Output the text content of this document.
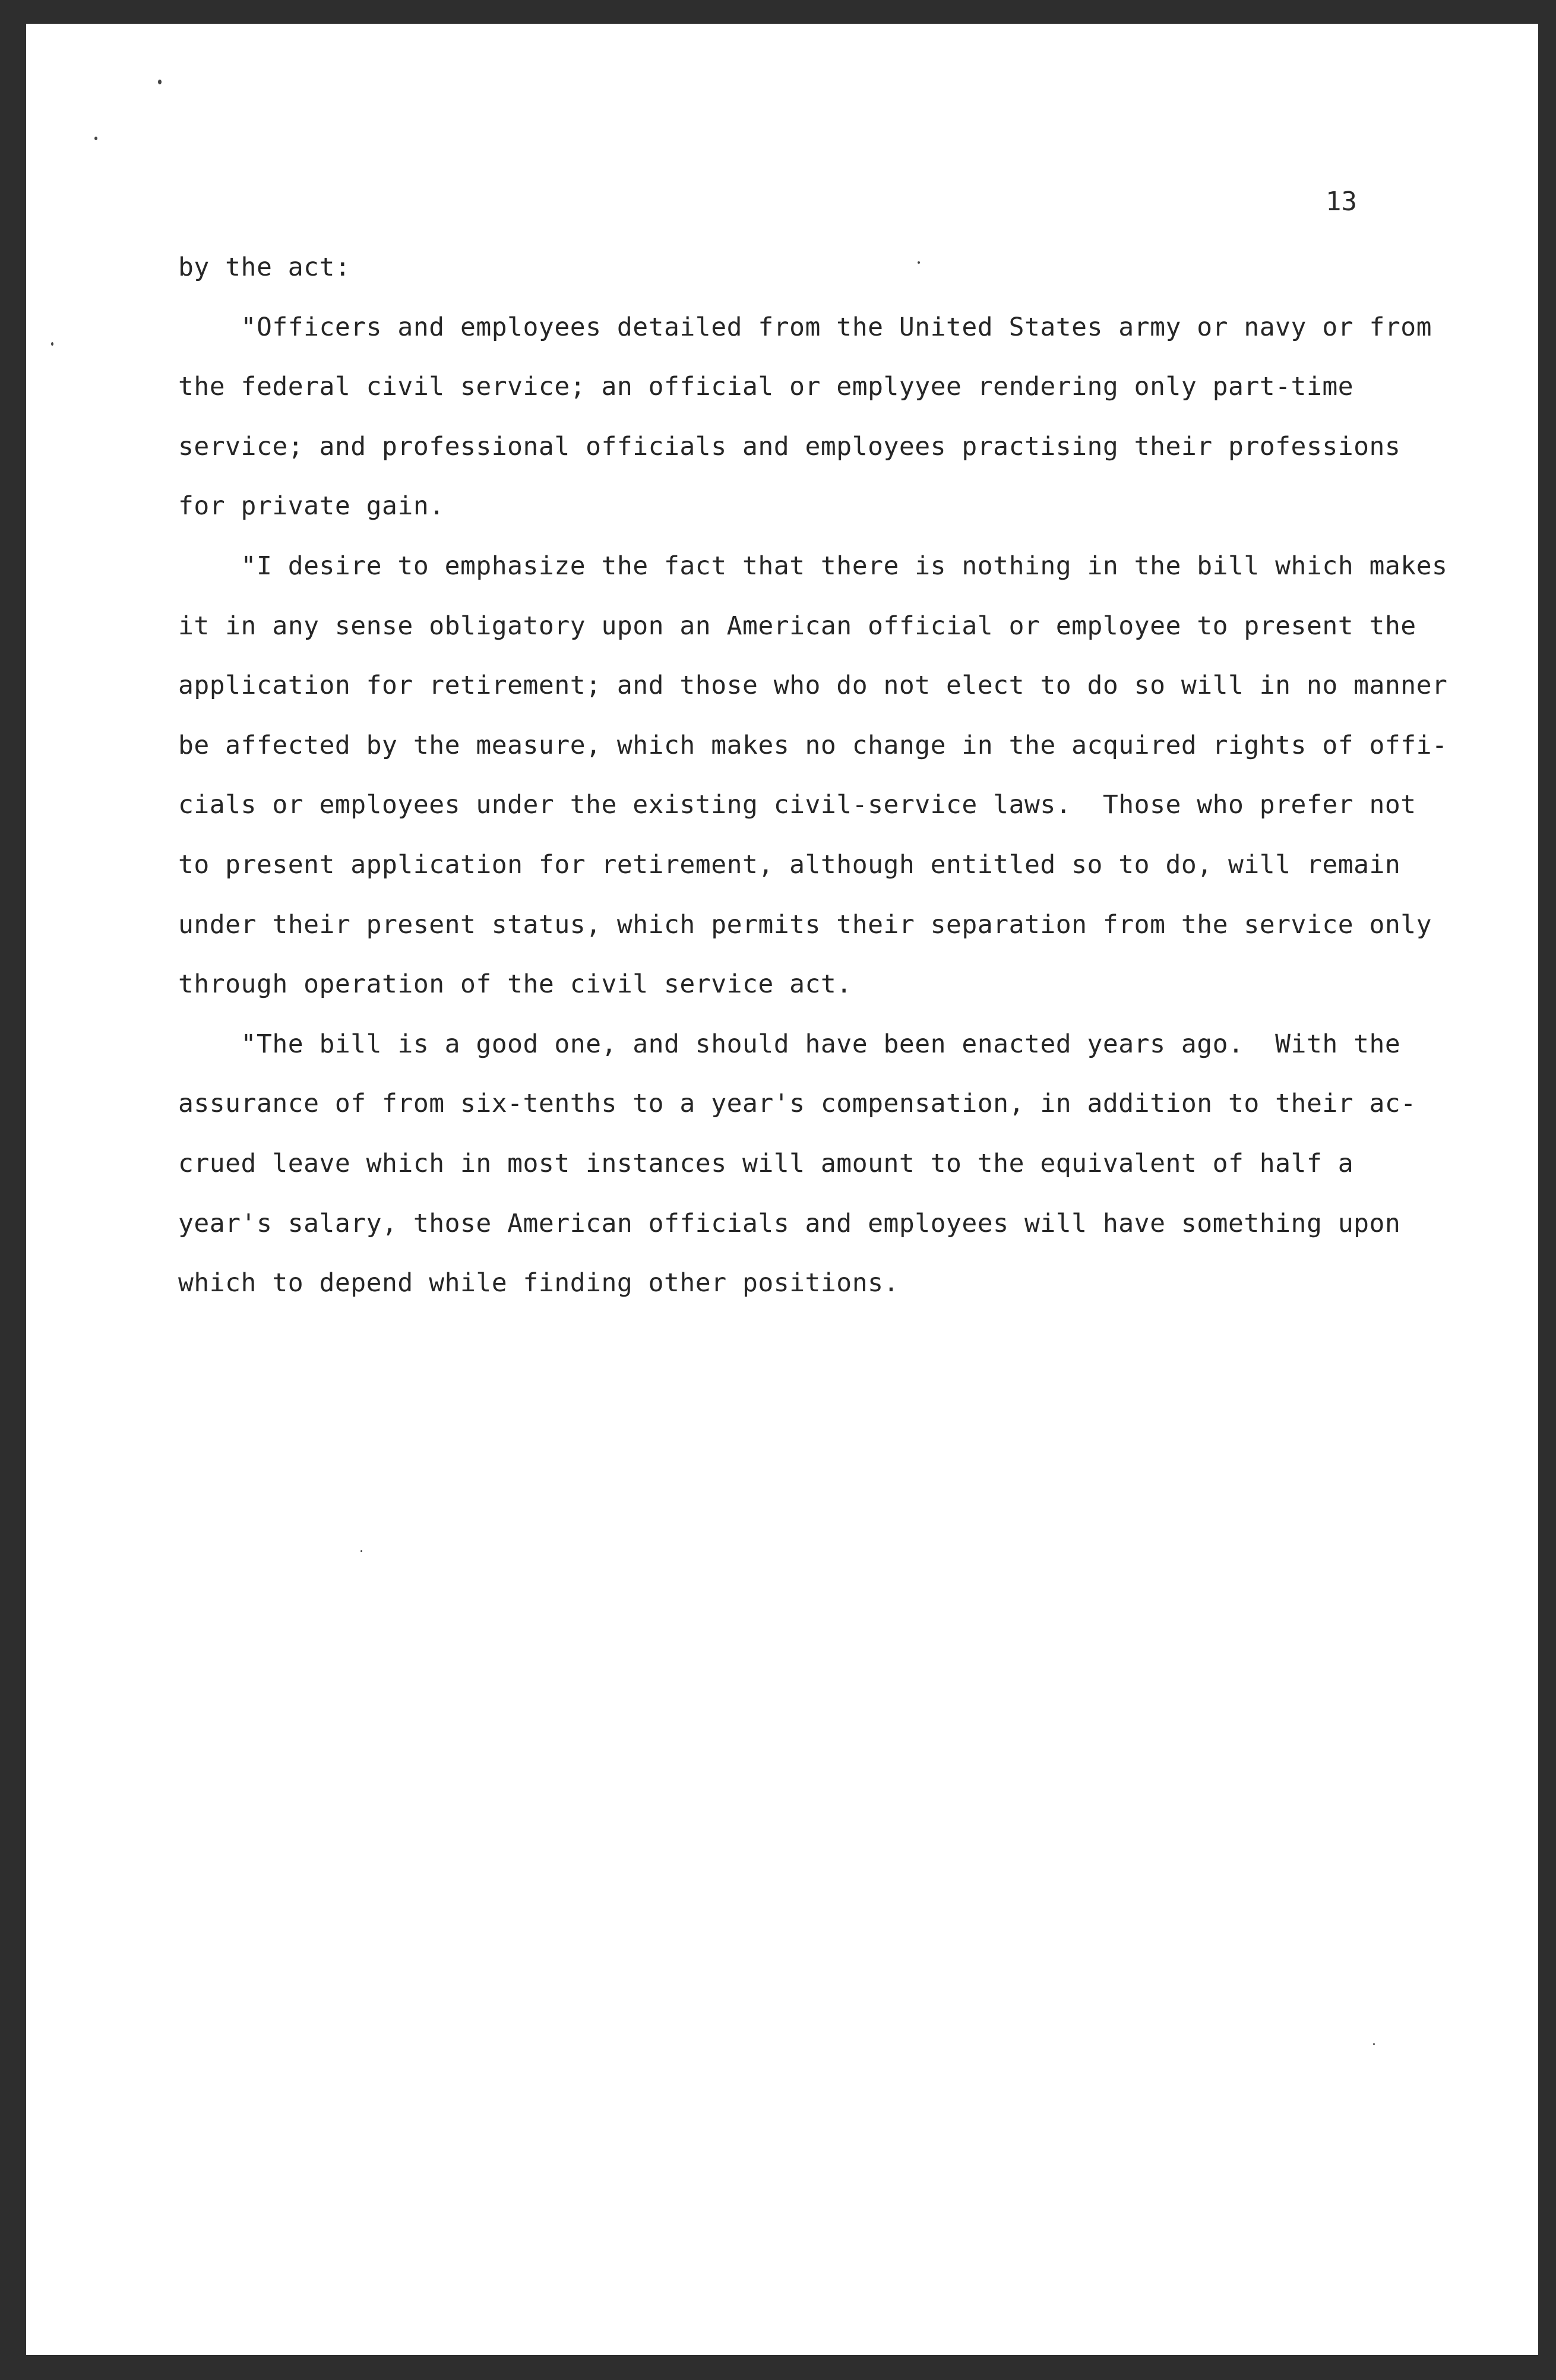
13
by the act:
"Officers and employees detailed from the United States army or navy or from
the federal civil service; an official or emplyyee rendering only part-time
service; and professional officials and employees practising their professions
for private gain.
"I desire to emphasize the fact that there is nothing in the bill which makes
it in any sense obligatory upon an American official or employee to present the
application for retirement; and those who do not elect to do so will in no manner
be affected by the measure, which makes no change in the acquired rights of offi-
cials or employees under the existing civil-service laws.  Those who prefer not
to present application for retirement, although entitled so to do, will remain
under their present status, which permits their separation from the service only
through operation of the civil service act.
"The bill is a good one, and should have been enacted years ago.  With the
assurance of from six-tenths to a year's compensation, in addition to their ac-
crued leave which in most instances will amount to the equivalent of half a
year's salary, those American officials and employees will have something upon
which to depend while finding other positions.
